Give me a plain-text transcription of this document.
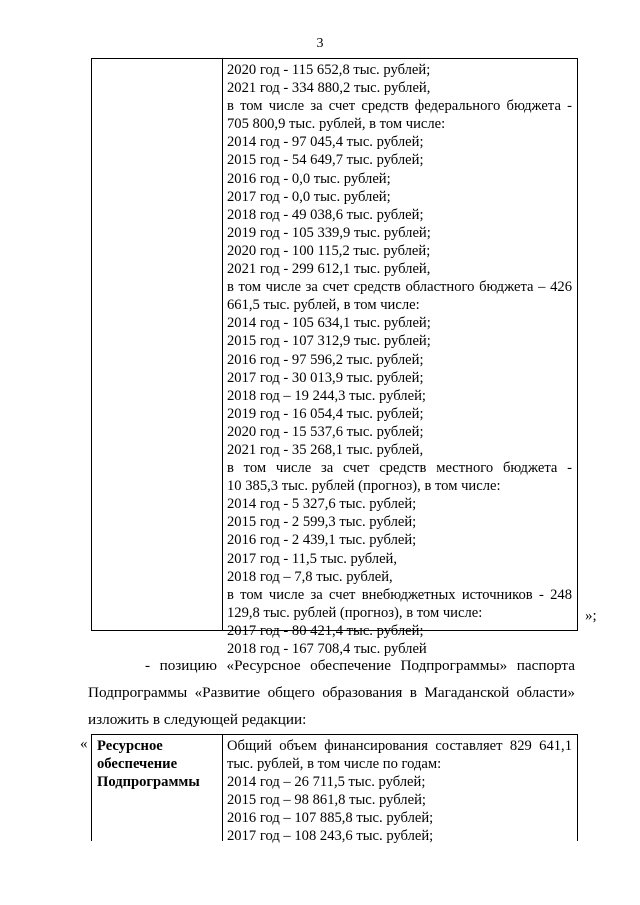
3
2020 год - 115 652,8 тыс. рублей;
2021 год - 334 880,2 тыс. рублей,
в том числе за счет средств федерального бюджета -
705 800,9 тыс. рублей, в том числе:
2014 год - 97 045,4 тыс. рублей;
2015 год - 54 649,7 тыс. рублей;
2016 год - 0,0 тыс. рублей;
2017 год - 0,0 тыс. рублей;
2018 год - 49 038,6 тыс. рублей;
2019 год - 105 339,9 тыс. рублей;
2020 год - 100 115,2 тыс. рублей;
2021 год - 299 612,1 тыс. рублей,
в том числе за счет средств областного бюджета – 426
661,5 тыс. рублей, в том числе:
2014 год - 105 634,1 тыс. рублей;
2015 год - 107 312,9 тыс. рублей;
2016 год - 97 596,2 тыс. рублей;
2017 год - 30 013,9 тыс. рублей;
2018 год – 19 244,3 тыс. рублей;
2019 год - 16 054,4 тыс. рублей;
2020 год - 15 537,6 тыс. рублей;
2021 год - 35 268,1 тыс. рублей,
в том числе за счет средств местного бюджета -
10 385,3 тыс. рублей (прогноз), в том числе:
2014 год - 5 327,6 тыс. рублей;
2015 год - 2 599,3 тыс. рублей;
2016 год - 2 439,1 тыс. рублей;
2017 год - 11,5 тыс. рублей,
2018 год – 7,8 тыс. рублей,
в том числе за счет внебюджетных источников - 248
129,8 тыс. рублей (прогноз), в том числе:
2017 год - 80 421,4 тыс. рублей;
2018 год - 167 708,4 тыс. рублей
»;
- позицию «Ресурсное обеспечение Подпрограммы» паспорта
Подпрограммы «Развитие общего образования в Магаданской области»
изложить в следующей редакции:
« Ресурсное
обеспечение
Подпрограммы
Общий объем финансирования составляет 829 641,1
тыс. рублей, в том числе по годам:
2014 год – 26 711,5 тыс. рублей;
2015 год – 98 861,8 тыс. рублей;
2016 год – 107 885,8 тыс. рублей;
2017 год – 108 243,6 тыс. рублей;
